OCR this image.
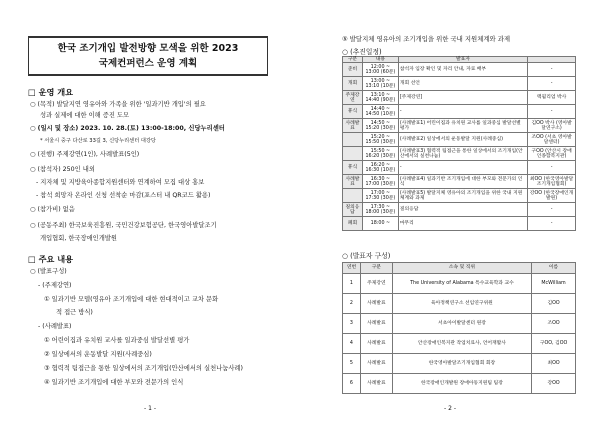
한국 조기개입 발전방향 모색을 위한 2023
국제컨퍼런스 운영 계획
□ 운영 개요
○ (목적) 발달지연 영유아와 가족을 위한 '일과기반 개입'의 필요
성과 실제에 대한 이해 증진 도모
○ (일시 및 장소) 2023. 10. 28.(토) 13:00-18:00, 신당누리센터
* 서울시 중구 다산로 33길 3, 신당누리센터 대강당
○ (진행) 주제강연(1인), 사례발표(5인)
○ (참석자) 250인 내외
- 지자체 및 지방육아종합지원센터와 연계하여 모집 대상 홍보
- 참석 희망자 온라인 신청 선착순 마감(포스터 내 QR코드 활용)
○ (참가비) 없음
○ (공동주최) 한국보육진흥원, 국민건강보험공단, 한국영아발달조기
개입협회, 한국장애인개발원
□ 주요 내용
○ (발표구성)
- (주제강연)
① 일과기반 모델(영유아 조기개입에 대한 현대적이고 교차 문화
적 접근 방식)
- (사례발표)
① 어린이집과 유치원 교사를 일과중심 발달선별 평가
② 일상에서의 운동발달 지원(사례중심)
③ 협력적 팀접근을 통한 일상에서의 조기개입(안산에서의 실천나눔사례)
④ 일과기반 조기개입에 대한 부모와 전문가의 인식
- 1 -
⑤ 발달지체 영유아의 조기개입을 위한 국내 지원체계와 과제
○ (추진일정)
구분	내용	발표자	
준비	12:00 ~ 13:00 (60분)	참석자 입장 확인 및 자리 안내, 자료 배부	-
개회	13:00 ~ 13:10 (10분)	개회 선언	-
주제강연	13:10 ~ 14:40 (90분)	[주제강연]	맥윌리엄 박사
휴식	14:40 ~ 14:50 (10분)	-	-
사례발표	14:50 ~ 15:20 (30분)	(사례발표1) 어린이집과 유치원 교사를 일과중심 발달선별 평가	김OO 박사 (영아발달연구소)
	15:20 ~ 15:50 (30분)	(사례발표2) 일상에서의 운동발달 지원(사례중심)	조OO (서초 영아발달센터)
	15:50 ~ 16:20 (30분)	(사례발표3) 협력적 팀접근을 통한 일상에서의 조기개입(안산에서의 실천나눔)	구OO (안산시 장애인종합복지관)
휴식	16:20 ~ 16:30 (10분)	-	-
사례발표	16:30 ~ 17:00 (30분)	(사례발표4) 일과기반 조기개입에 대한 부모와 전문가의 인식	최OO (한국영아발달조기개입협회)
	17:00 ~ 17:30 (30분)	(사례발표5) 발달지체 영유아의 조기개입을 위한 국내 지원체계와 과제	강OO (한국장애인개발원)
질의응답	17:30 ~ 18:00 (30분)	질의응답	-
폐회	18:00 ~	마무리	-
○ (발표자 구성)
연번	구분	소속 및 직위	이름
1	주제강연	The University of Alabama 특수교육학과 교수	McWilliam
2	사례발표	육아정책연구소 선임연구위원	김OO
3	사례발표	서초아이발달센터 원장	조OO
4	사례발표	안산장애인복지관 작업치료사, 언어재활사	구OO, 김OO
5	사례발표	한국영아발달조기개입협회 회장	최OO
6	사례발표	한국장애인개발원 장애아동지원팀 팀장	강OO
- 2 -
